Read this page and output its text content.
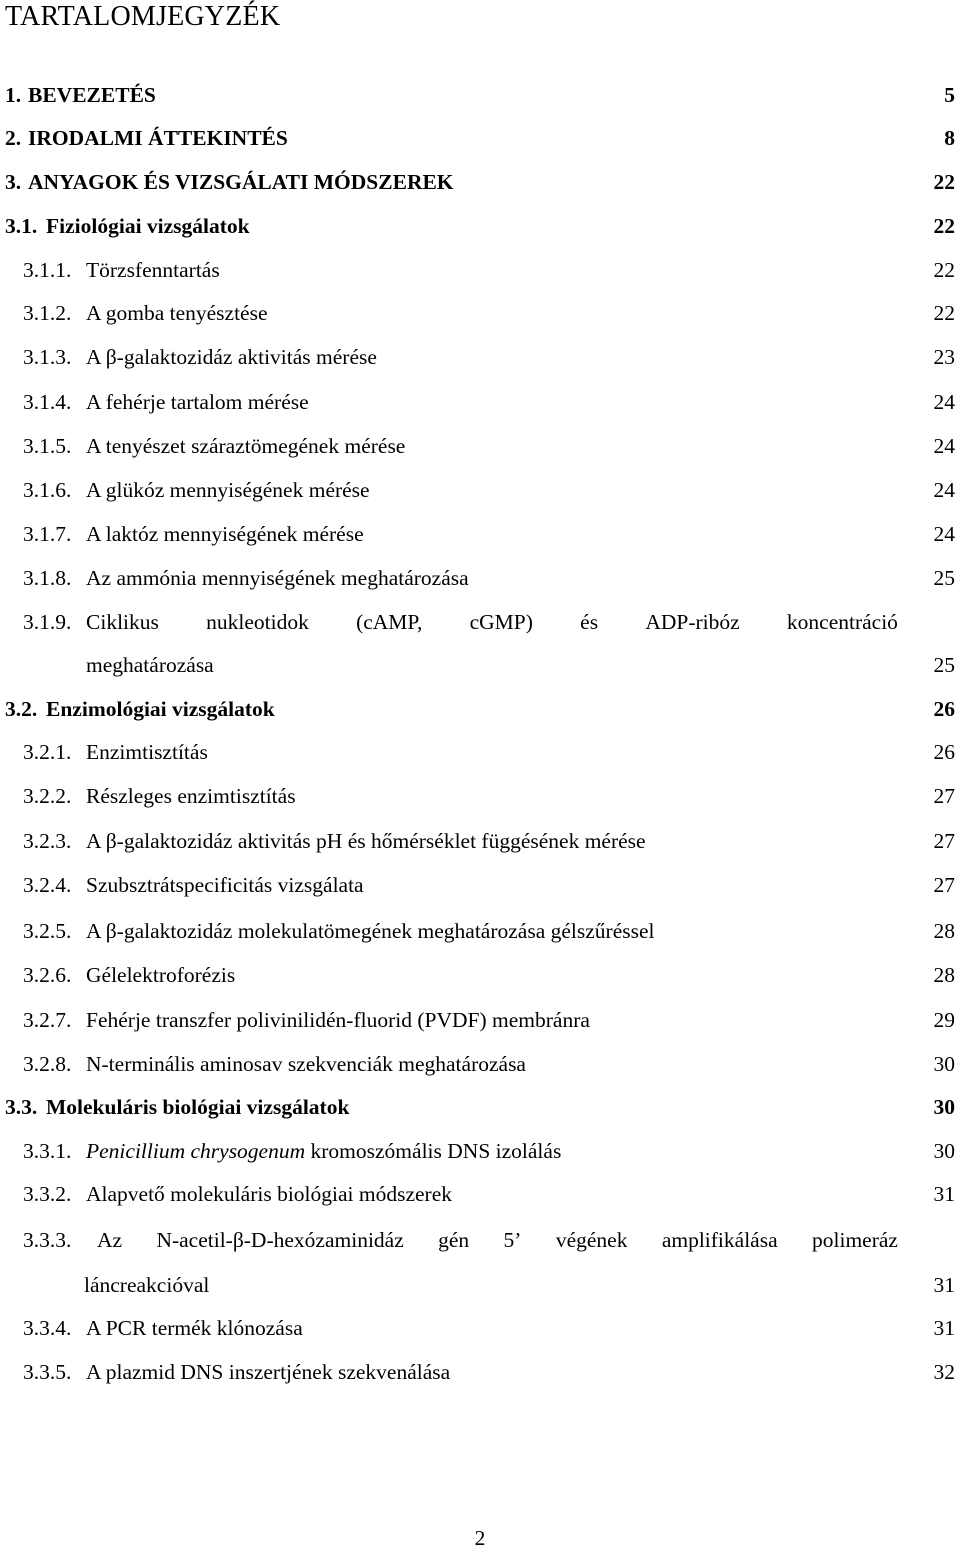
TARTALOMJEGYZÉK
1. BEVEZETÉS	5
2. IRODALMI ÁTTEKINTÉS	8
3. ANYAGOK ÉS VIZSGÁLATI MÓDSZEREK	22
3.1. Fiziológiai vizsgálatok	22
3.1.1. Törzsfenntartás	22
3.1.2. A gomba tenyésztése	22
3.1.3. A β-galaktozidáz aktivitás mérése	23
3.1.4. A fehérje tartalom mérése	24
3.1.5. A tenyészet száraztömegének mérése	24
3.1.6. A glükóz mennyiségének mérése	24
3.1.7. A laktóz mennyiségének mérése	24
3.1.8. Az ammónia mennyiségének meghatározása	25
3.1.9. Ciklikus nukleotidok (cAMP, cGMP) és ADP-ribóz koncentráció
meghatározása	25
3.2. Enzimológiai vizsgálatok	26
3.2.1. Enzimtisztítás	26
3.2.2. Részleges enzimtisztítás	27
3.2.3. A β-galaktozidáz aktivitás pH és hőmérséklet függésének mérése	27
3.2.4. Szubsztrátspecificitás vizsgálata	27
3.2.5. A β-galaktozidáz molekulatömegének meghatározása gélszűréssel	28
3.2.6. Gélelektroforézis	28
3.2.7. Fehérje transzfer polivinilidén-fluorid (PVDF) membránra	29
3.2.8. N-terminális aminosav szekvenciák meghatározása	30
3.3. Molekuláris biológiai vizsgálatok	30
3.3.1. Penicillium chrysogenum kromoszómális DNS izolálás	30
3.3.2. Alapvető molekuláris biológiai módszerek	31
3.3.3. Az N-acetil-β-D-hexózaminidáz gén 5’ végének amplifikálása polimeráz
láncreakcióval	31
3.3.4. A PCR termék klónozása	31
3.3.5. A plazmid DNS inszertjének szekvenálása	32
2
